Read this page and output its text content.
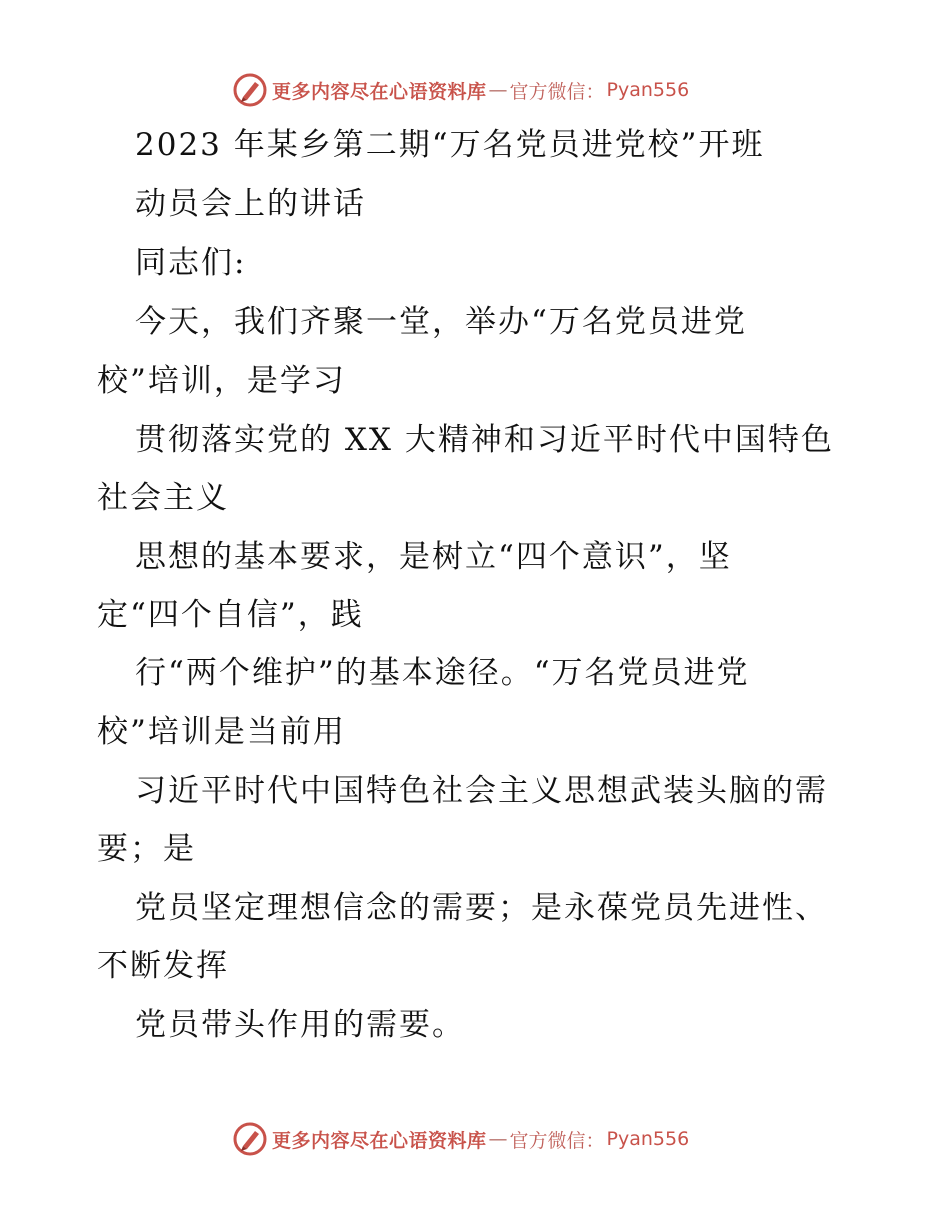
更多内容尽在心语资料库 — 官方微信： Pyan556
2023 年某乡第二期“万名党员进党校”开班
动员会上的讲话
同志们:
今天，我们齐聚一堂，举办“万名党员进党
校”培训，是学习
贯彻落实党的 XX 大精神和习近平时代中国特色
社会主义
思想的基本要求，是树立“四个意识”，坚
定“四个自信”，践
行“两个维护”的基本途径。“万名党员进党
校”培训是当前用
习近平时代中国特色社会主义思想武装头脑的需
要；是
党员坚定理想信念的需要；是永葆党员先进性、
不断发挥
党员带头作用的需要。
更多内容尽在心语资料库 — 官方微信： Pyan556
